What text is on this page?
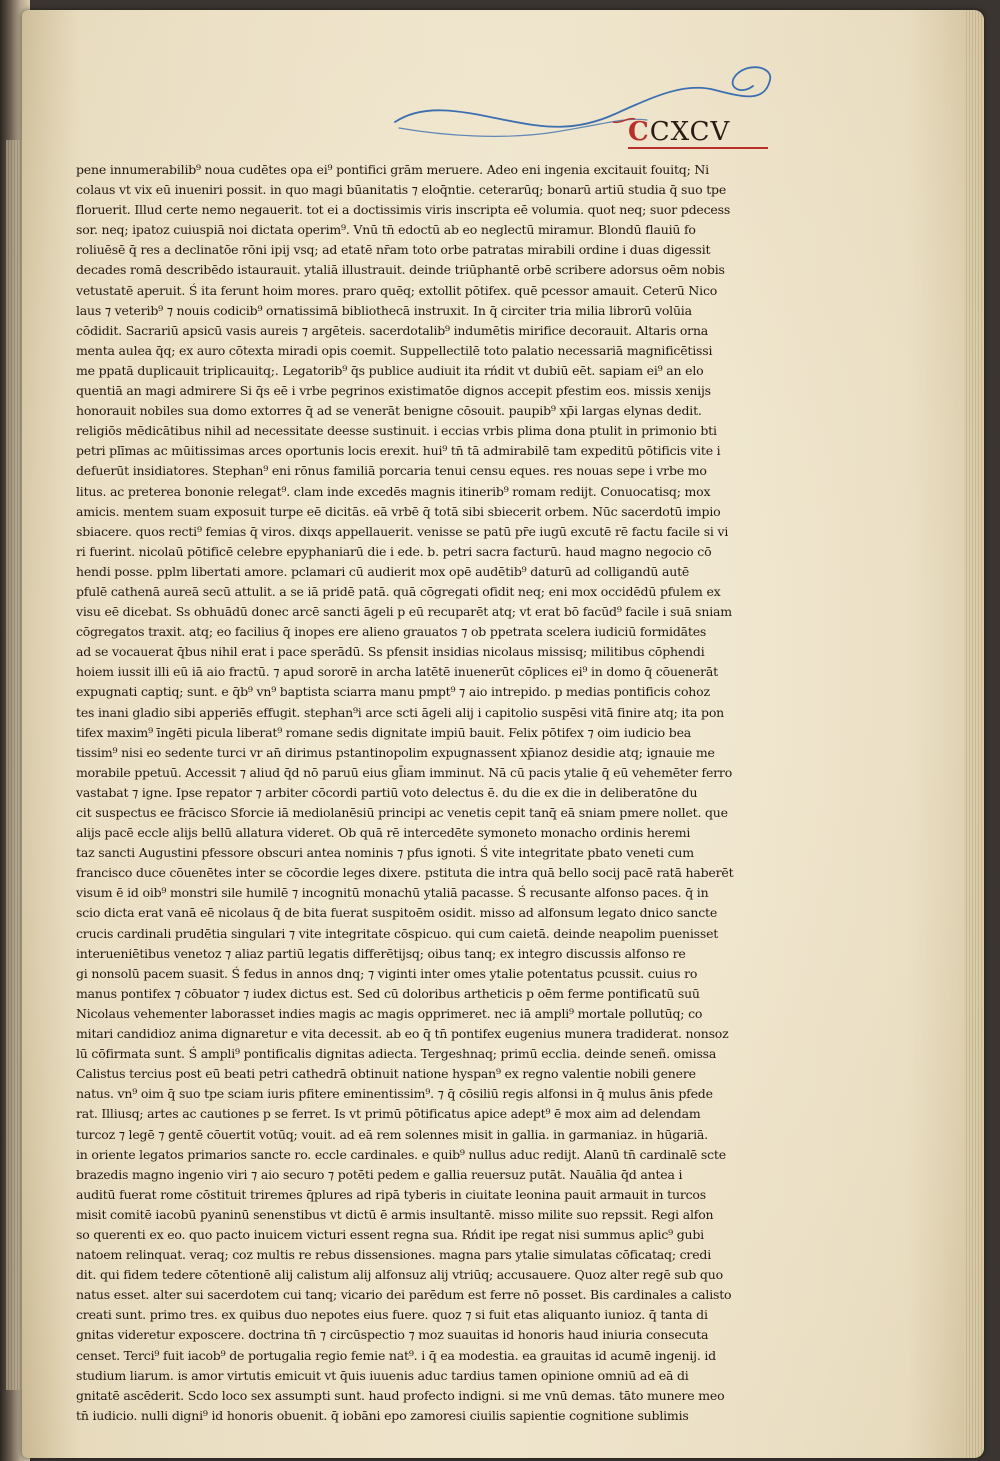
CCXCV
pene innumerabilib⁹ noua cudētes opa ei⁹ pontifici grām meruere. Adeo eni ingenia excitauit fouitq; Ni
colaus vt vix eū inueniri possit. in quo magi būanitatis ⁊ eloq̄ntie. ceterarūq; bonarū artiū studia q̄ suo tpe
floruerit. Illud certe nemo negauerit. tot ei a doctissimis viris inscripta eē volumia. quot neq; suor pdecess
sor. neq; ipatoz cuiuspiā noi dictata operim⁹. Vnū tn̄ edoctū ab eo neglectū miramur. Blondū flauiū fo
roliuēsē q̄ res a declinatōe rōni ipij vsq; ad etatē nr̄am toto orbe patratas mirabili ordine i duas digessit
decades romā describēdo istaurauit. ytaliā illustrauit. deinde triūphantē orbē scribere adorsus oēm nobis
vetustatē aperuit. Ś ita ferunt hoim mores. praro quēq; extollit pōtifex. quē pcessor amauit. Ceterū Nico
laus ⁊ veterib⁹ ⁊ nouis codicib⁹ ornatissimā bibliothecā instruxit. In q̄ circiter tria milia librorū volūia
cōdidit. Sacrariū apsicū vasis aureis ⁊ argēteis. sacerdotalib⁹ indumētis mirifice decorauit. Altaris orna
menta aulea q̄q; ex auro cōtexta miradi opis coemit. Suppellectilē toto palatio necessariā magnificētissi
me ppatā duplicauit triplicauitq;. Legatorib⁹ q̄s publice audiuit ita rńdit vt dubiū eēt. sapiam ei⁹ an elo
quentiā an magi admirere Si q̄s eē i vrbe pegrinos existimatōe dignos accepit pfestim eos. missis xenijs
honorauit nobiles sua domo extorres q̄ ad se venerāt benigne cōsouit. paupib⁹ xp̄i largas elynas dedit.
religiōs mēdicātibus nihil ad necessitate deesse sustinuit. i eccias vrbis plima dona ptulit in primonio bti
petri plīmas ac mūitissimas arces oportunis locis erexit. hui⁹ tn̄ tā admirabilē tam expeditū pōtificis vite i
defuerūt insidiatores. Stephan⁹ eni rōnus familiā porcaria tenui censu eques. res nouas sepe i vrbe mo
litus. ac preterea bononie relegat⁹. clam inde excedēs magnis itinerib⁹ romam redijt. Conuocatisq; mox
amicis. mentem suam exposuit turpe eē dicitās. eā vrbē q̄ totā sibi sbiecerit orbem. Nūc sacerdotū impio
sbiacere. quos recti⁹ femias q̄ viros. dixqs appellauerit. venisse se patū pr̄e iugū excutē rē factu facile si vi
ri fuerint. nicolaū pōtificē celebre epyphaniarū die i ede. b. petri sacra facturū. haud magno negocio cō
hendi posse. pplm libertati amore. pclamari cū audierit mox opē audētib⁹ daturū ad colligandū autē
pfulē cathenā aureā secū attulit. a se iā pridē patā. quā cōgregati ofidit neq; eni mox occidēdū pfulem ex
visu eē dicebat. Ss obhuādū donec arcē sancti āgeli p eū recuparēt atq; vt erat bō facūd⁹ facile i suā sniam
cōgregatos traxit. atq; eo facilius q̄ inopes ere alieno grauatos ⁊ ob ppetrata scelera iudiciū formidātes
ad se vocauerat q̄bus nihil erat i pace sperādū. Ss pfensit insidias nicolaus missisq; militibus cōphendi
hoiem iussit illi eū iā aio fractū. ⁊ apud sororē in archa latētē inuenerūt cōplices ei⁹ in domo q̄ cōuenerāt
expugnati captiq; sunt. e q̄b⁹ vn⁹ baptista sciarra manu pmpt⁹ ⁊ aio intrepido. p medias pontificis cohoz
tes inani gladio sibi apperiēs effugit. stephan⁹i arce scti āgeli alij i capitolio suspēsi vitā finire atq; ita pon
tifex maxim⁹ īngēti picula liberat⁹ romane sedis dignitate impiū bauit. Felix pōtifex ⁊ oim iudicio bea
tissim⁹ nisi eo sedente turci vr an̄ dirimus pstantinopolim expugnassent xp̄ianoz desidie atq; ignauie me
morabile ppetuū. Accessit ⁊ aliud q̄d nō paruū eius gl̄iam imminut. Nā cū pacis ytalie q̄ eū vehemēter ferro
vastabat ⁊ igne. Ipse repator ⁊ arbiter cōcordi partiū voto delectus ē. du die ex die in deliberatōne du
cit suspectus ee frācisco Sforcie iā mediolanēsiū principi ac venetis cepit tanq̄ eā sniam pmere nollet. que
alijs pacē eccle alijs bellū allatura videret. Ob quā rē intercedēte symoneto monacho ordinis heremi
taz sancti Augustini pfessore obscuri antea nominis ⁊ pfus ignoti. Ś vite integritate pbato veneti cum
francisco duce cōuenētes inter se cōcordie leges dixere. pstituta die intra quā bello socij pacē ratā haberēt
visum ē id oib⁹ monstri sile humilē ⁊ incognitū monachū ytaliā pacasse. Ś recusante alfonso paces. q̄ in
scio dicta erat vanā eē nicolaus q̄ de bita fuerat suspitoēm osidit. misso ad alfonsum legato dnico sancte
crucis cardinali prudētia singulari ⁊ vite integritate cōspicuo. qui cum caietā. deinde neapolim puenisset
interueniētibus venetoz ⁊ aliaz partiū legatis differētijsq; oibus tanq; ex integro discussis alfonso re
gi nonsolū pacem suasit. Ś fedus in annos dnq; ⁊ viginti inter omes ytalie potentatus pcussit. cuius ro
manus pontifex ⁊ cōbuator ⁊ iudex dictus est. Sed cū doloribus artheticis p oēm ferme pontificatū suū
Nicolaus vehementer laborasset indies magis ac magis opprimeret. nec iā ampli⁹ mortale pollutūq; co
mitari candidioz anima dignaretur e vita decessit. ab eo q̄ tn̄ pontifex eugenius munera tradiderat. nonsoz
lū cōfirmata sunt. Ś ampli⁹ pontificalis dignitas adiecta. Tergeshnaq; primū ecclia. deinde seneñ. omissa
Calistus tercius post eū beati petri cathedrā obtinuit natione hyspan⁹ ex regno valentie nobili genere
natus. vn⁹ oim q̄ suo tpe sciam iuris pfitere eminentissim⁹. ⁊ q̄ cōsiliū regis alfonsi in q̄ mulus ānis pfede
rat. Illiusq; artes ac cautiones p se ferret. Is vt primū pōtificatus apice adept⁹ ē mox aim ad delendam
turcoz ⁊ legē ⁊ gentē cōuertit votūq; vouit. ad eā rem solennes misit in gallia. in garmaniaz. in hūgariā.
in oriente legatos primarios sancte ro. eccle cardinales. e quib⁹ nullus aduc redijt. Alanū tn̄ cardinalē scte
brazedis magno ingenio viri ⁊ aio securo ⁊ potēti pedem e gallia reuersuz putāt. Nauālia q̄d antea i
auditū fuerat rome cōstituit triremes q̄plures ad ripā tyberis in ciuitate leonina pauit armauit in turcos
misit comitē iacobū pyaninū senenstibus vt dictū ē armis insultantē. misso milite suo repssit. Regi alfon
so querenti ex eo. quo pacto inuicem victuri essent regna sua. Rńdit ipe regat nisi summus aplic⁹ gubi
natoem relinquat. veraq; coz multis re rebus dissensiones. magna pars ytalie simulatas cōficataq; credi
dit. qui fidem tedere cōtentionē alij calistum alij alfonsuz alij vtriūq; accusauere. Quoz alter regē sub quo
natus esset. alter sui sacerdotem cui tanq; vicario dei parēdum est ferre nō posset. Bis cardinales a calisto
creati sunt. primo tres. ex quibus duo nepotes eius fuere. quoz ⁊ si fuit etas aliquanto iunioz. q̄ tanta di
gnitas videretur exposcere. doctrina tn̄ ⁊ circūspectio ⁊ moz suauitas id honoris haud iniuria consecuta
censet. Terci⁹ fuit iacob⁹ de portugalia regio femie nat⁹. i q̄ ea modestia. ea grauitas id acumē ingenij. id
studium liarum. is amor virtutis emicuit vt q̄uis iuuenis aduc tardius tamen opinione omniū ad eā di
gnitatē ascēderit. Scdo loco sex assumpti sunt. haud profecto indigni. si me vnū demas. tāto munere meo
tn̄ iudicio. nulli digni⁹ id honoris obuenit. q̄ iobāni epo zamoresi ciuilis sapientie cognitione sublimis
